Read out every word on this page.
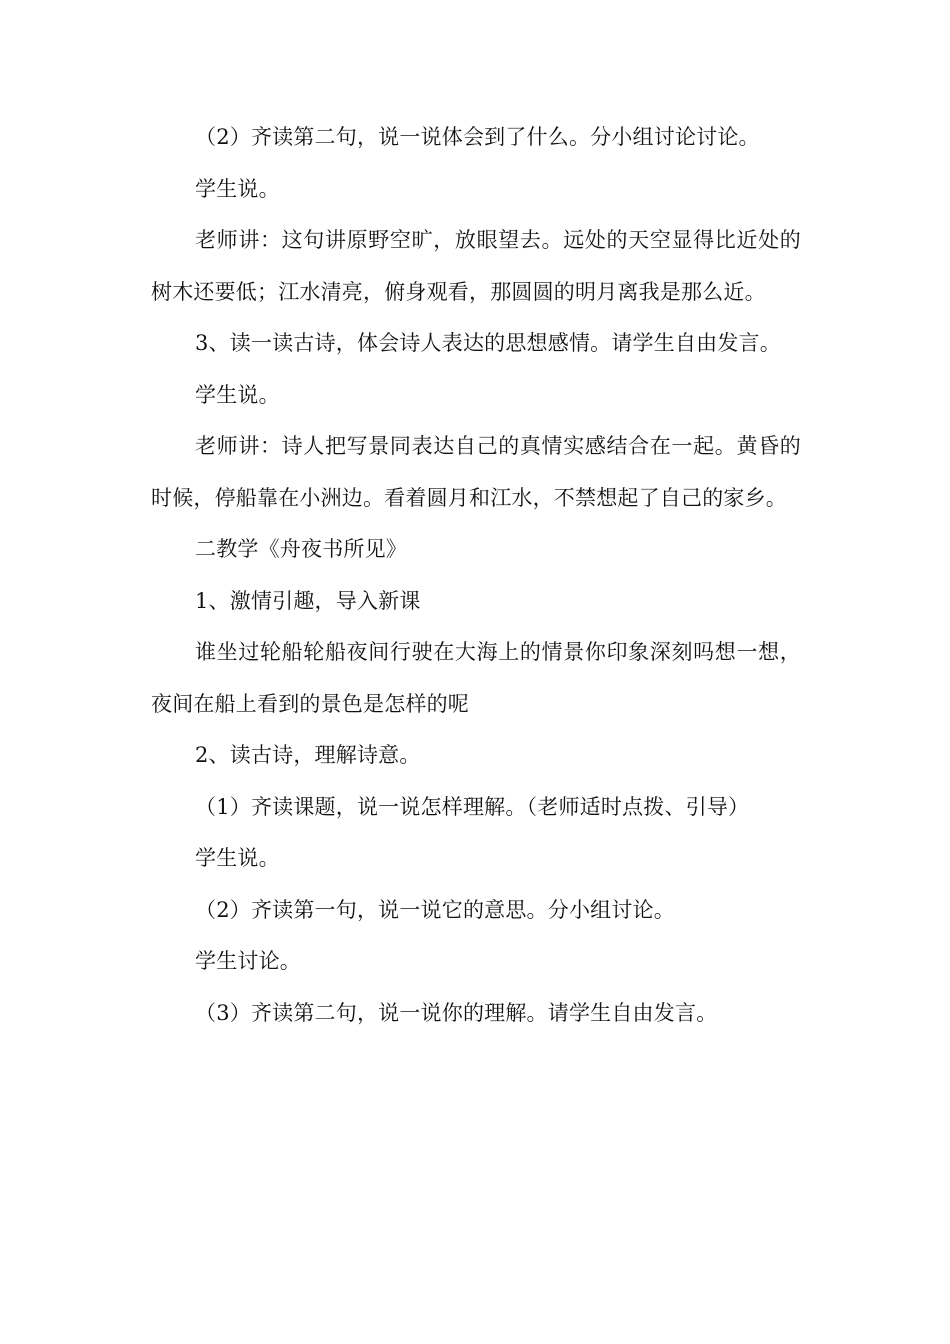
（2）齐读第二句，说一说体会到了什么。分小组讨论讨论。

学生说。

老师讲：这句讲原野空旷，放眼望去。远处的天空显得比近处的树木还要低；江水清亮，俯身观看，那圆圆的明月离我是那么近。

3、读一读古诗，体会诗人表达的思想感情。请学生自由发言。

学生说。

老师讲：诗人把写景同表达自己的真情实感结合在一起。黄昏的时候，停船靠在小洲边。看着圆月和江水，不禁想起了自己的家乡。

二教学《舟夜书所见》

1、激情引趣，导入新课

谁坐过轮船轮船夜间行驶在大海上的情景你印象深刻吗想一想，夜间在船上看到的景色是怎样的呢

2、读古诗，理解诗意。

（1）齐读课题，说一说怎样理解。（老师适时点拨、引导）

学生说。

（2）齐读第一句，说一说它的意思。分小组讨论。

学生讨论。

（3）齐读第二句，说一说你的理解。请学生自由发言。
